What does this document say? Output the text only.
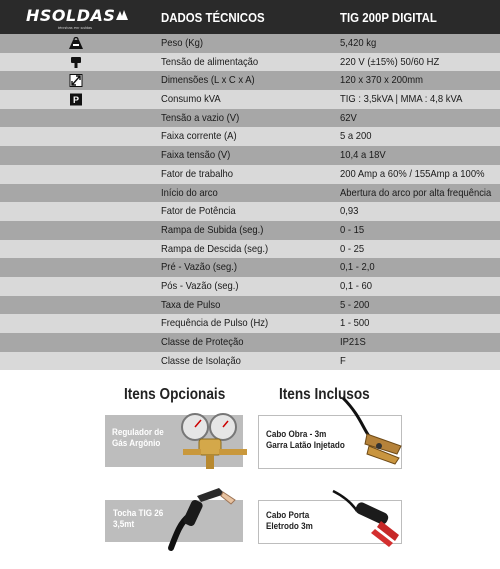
HSOLDAS
técnicas em soldas
DADOS TÉCNICOS	TIG 200P DIGITAL
Peso (Kg)	5,420 kg
Tensão de alimentação	220 V (±15%) 50/60 HZ
Dimensões (L x C x A)	120 x 370 x 200mm
P	Consumo kVA	TIG : 3,5kVA | MMA : 4,8 kVA
Tensão a vazio (V)	62V
Faixa corrente (A)	5 a 200
Faixa tensão (V)	10,4 a 18V
Fator de trabalho	200 Amp a 60% / 155Amp a 100%
Início do arco	Abertura do arco por alta frequência
Fator de Potência	0,93
Rampa de Subida (seg.)	0 - 15
Rampa de Descida (seg.)	0 - 25
Pré - Vazão (seg.)	0,1 - 2,0
Pós - Vazão (seg.)	0,1 - 60
Taxa de Pulso	5 - 200
Frequência de Pulso (Hz)	1 - 500
Classe de Proteção	IP21S
Classe de Isolação	F
Itens Opcionais	Itens Inclusos
Regulador de
Gás Argônio
Cabo Obra - 3m
Garra Latão Injetado
Tocha TIG 26
3,5mt
Cabo Porta
Eletrodo 3m
